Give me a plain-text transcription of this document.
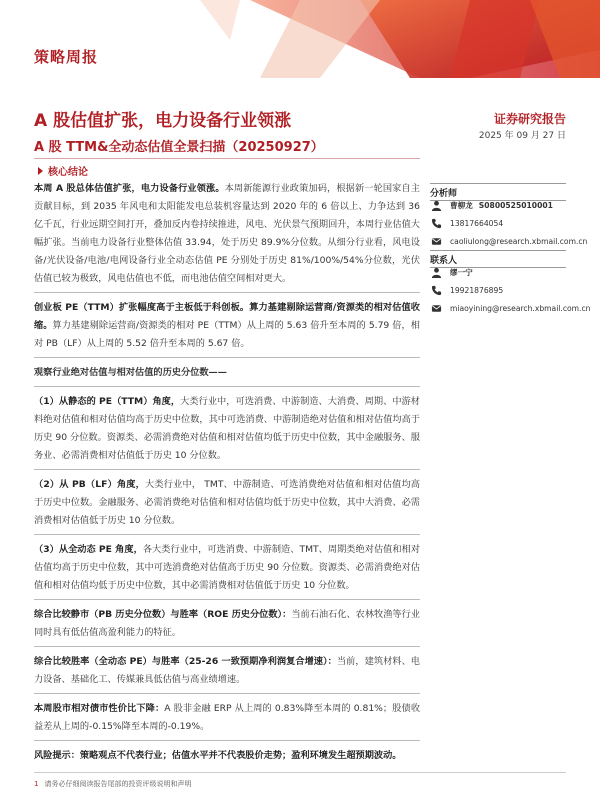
策略周报
证券研究报告
2025 年 09 月 27 日
A 股估值扩张，电力设备行业领涨
A 股 TTM&全动态估值全景扫描（20250927）
核心结论

本周 A 股总体估值扩张，电力设备行业领涨。本周新能源行业政策加码，根据新一轮国家自主贡献目标，到 2035 年风电和太阳能发电总装机容量达到 2020 年的 6 倍以上、力争达到 36 亿千瓦，行业远期空间打开，叠加反内卷持续推进，风电、光伏景气预期回升，本周行业估值大幅扩张。当前电力设备行业整体估值 33.94，处于历史 89.9%分位数。从细分行业看，风电设备/光伏设备/电池/电网设备行业全动态估值 PE 分别处于历史 81%/100%/54%分位数，光伏估值已较为极致，风电估值也不低，而电池估值空间相对更大。

创业板 PE（TTM）扩张幅度高于主板低于科创板。算力基建剔除运营商/资源类的相对估值收缩。算力基建剔除运营商/资源类的相对 PE（TTM）从上周的 5.63 倍升至本周的 5.79 倍，相对 PB（LF）从上周的 5.52 倍升至本周的 5.67 倍。

观察行业绝对估值与相对估值的历史分位数——

（1）从静态的 PE（TTM）角度，大类行业中，可选消费、中游制造、大消费、周期、中游材料绝对估值和相对估值均高于历史中位数，其中可选消费、中游制造绝对估值和相对估值均高于历史 90 分位数。资源类、必需消费绝对估值和相对估值均低于历史中位数，其中金融服务、服务业、必需消费相对估值低于历史 10 分位数。

（2）从 PB（LF）角度，大类行业中， TMT、中游制造、可选消费绝对估值和相对估值均高于历史中位数。金融服务、必需消费绝对估值和相对估值均低于历史中位数，其中大消费、必需消费相对估值低于历史 10 分位数。

（3）从全动态 PE 角度，各大类行业中，可选消费、中游制造、TMT、周期类绝对估值和相对估值均高于历史中位数，其中可选消费绝对估值高于历史 90 分位数。资源类、必需消费绝对估值和相对估值均低于历史中位数，其中必需消费相对估值低于历史 10 分位数。

综合比较静市（PB 历史分位数）与胜率（ROE 历史分位数）：当前石油石化、农林牧渔等行业同时具有低估值高盈利能力的特征。

综合比较胜率（全动态 PE）与胜率（25-26 一致预期净利润复合增速）：当前，建筑材料、电力设备、基础化工、传媒兼具低估值与高业绩增速。

本周股市相对债市性价比下降：A 股非金融 ERP 从上周的 0.83%降至本周的 0.81%；股债收益差从上周的-0.15%降至本周的-0.19%。

风险提示：策略观点不代表行业；估值水平并不代表股价走势；盈利环境发生超预期波动。

分析师
曹柳龙 S0800525010001
13817664054
caoliulong@research.xbmail.com.cn
联系人
缪一宁
19921876895
miaoyining@research.xbmail.com.cn
1 请务必仔细阅读报告尾部的投资评级说明和声明
